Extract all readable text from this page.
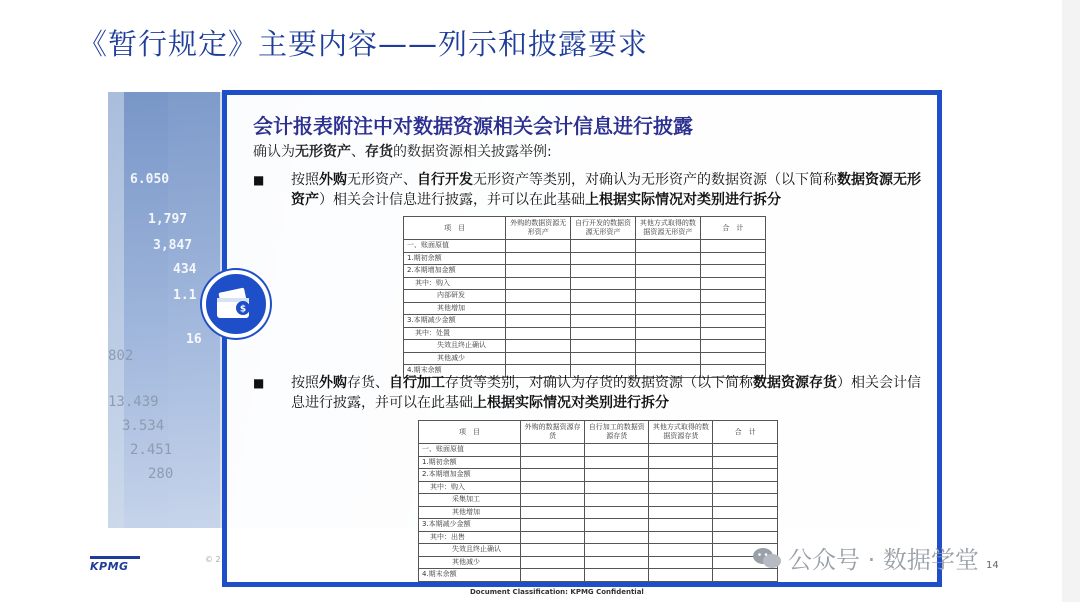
《暂行规定》主要内容——列示和披露要求
6.050
1,797
3,847
434
1.1
16
802
13.439
3.534
2.451
280
会计报表附注中对数据资源相关会计信息进行披露
确认为无形资产、存货的数据资源相关披露举例:
■ 按照外购无形资产、自行开发无形资产等类别，对确认为无形资产的数据资源（以下简称数据资源无形资产）相关会计信息进行披露，并可以在此基础上根据实际情况对类别进行拆分
项　目	外购的数据资源无形资产	自行开发的数据资源无形资产	其他方式取得的数据资源无形资产	合　计
一、账面原值				
1.期初余额				
2.本期增加金额				
其中：购入				
内部研发				
其他增加				
3.本期减少金额				
其中：处置				
失效且终止确认				
其他减少				
4.期末余额				
$
■ 按照外购存货、自行加工存货等类别，对确认为存货的数据资源（以下简称数据资源存货）相关会计信息进行披露，并可以在此基础上根据实际情况对类别进行拆分
项　目	外购的数据资源存货	自行加工的数据资源存货	其他方式取得的数据资源存货	合　计
一、账面原值				
1.期初余额				
2.本期增加金额				
其中：购入				
采集加工				
其他增加				
3.本期减少金额				
其中：出售				
失效且终止确认				
其他减少				
4.期末余额				
KPMG
© 2
14
Document Classification: KPMG Confidential
公众号 · 数据学堂
